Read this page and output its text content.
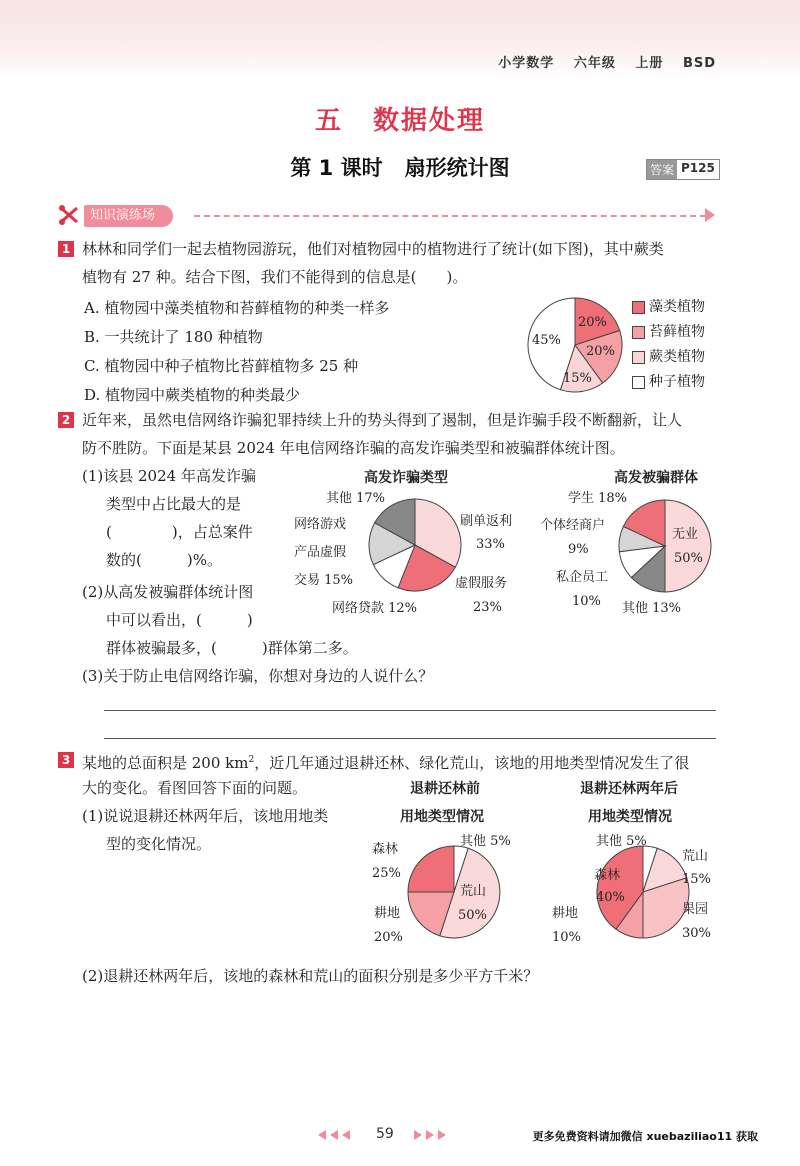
小学数学 六年级 上册 BSD
五 数据处理
第 1 课时 扇形统计图	答案 P125
知识演练场
1 林林和同学们一起去植物园游玩，他们对植物园中的植物进行了统计(如下图)，其中蕨类
植物有 27 种。结合下图，我们不能得到的信息是(　　)。
A. 植物园中藻类植物和苔藓植物的种类一样多
B. 一共统计了 180 种植物
C. 植物园中种子植物比苔藓植物多 25 种
D. 植物园中蕨类植物的种类最少
20%
20%
15%
45%
藻类植物
苔藓植物
蕨类植物
种子植物
2 近年来，虽然电信网络诈骗犯罪持续上升的势头得到了遏制，但是诈骗手段不断翻新，让人
防不胜防。下面是某县 2024 年电信网络诈骗的高发诈骗类型和被骗群体统计图。
(1)该县 2024 年高发诈骗
类型中占比最大的是
(　　　　)，占总案件
数的(　　　)%。
(2)从高发被骗群体统计图
中可以看出，(　　　)
群体被骗最多，(　　　)群体第二多。
(3)关于防止电信网络诈骗，你想对身边的人说什么？
高发诈骗类型
其他 17%
网络游戏
产品虚假
交易 15%
网络贷款 12%
虚假服务
23%
刷单返利
33%
高发被骗群体
学生 18%
个体经商户
9%
私企员工
10% 其他 13%
无业
50%
3 某地的总面积是 200 $km^2$，近几年通过退耕还林、绿化荒山，该地的用地类型情况发生了很
大的变化。看图回答下面的问题。
(1)说说退耕还林两年后，该地用地类
型的变化情况。
(2)退耕还林两年后，该地的森林和荒山的面积分别是多少平方千米？
退耕还林前
用地类型情况
森林
25%
其他 5%
荒山
50%
耕地
20%
退耕还林两年后
用地类型情况
其他 5%
荒山
15%
森林
40%
果园
30%
耕地
10%
59	更多免费资料请加微信 xuebaziliao11 获取
